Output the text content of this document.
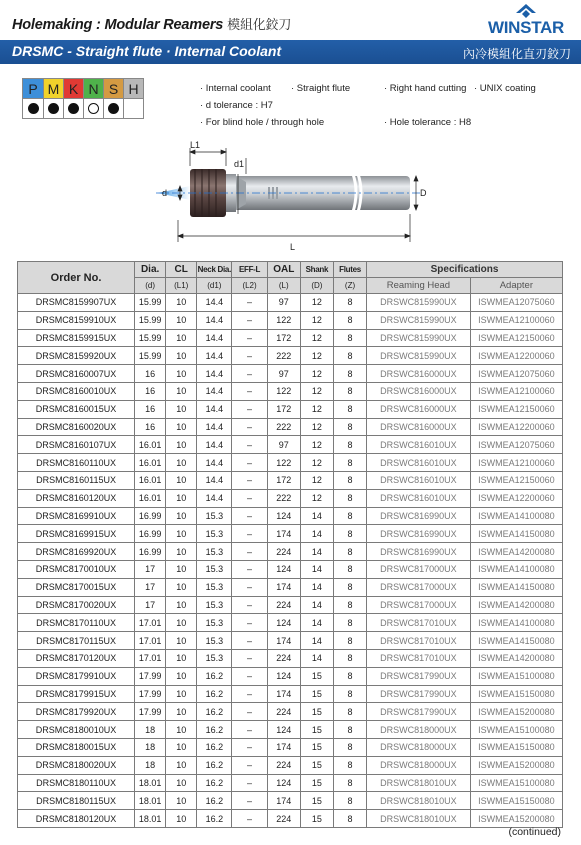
Holemaking : Modular Reamers 模組化鉸刀	WINSTAR
DRSMC - Straight flute · Internal Coolant	內冷模組化直刃鉸刀
P M K N S H	· Internal coolant · Straight flute	· Right hand cutting · UNIX coating
· d tolerance : H7
· For blind hole / through hole	· Hole tolerance : H8
L1
d1
d	D
L
Order No.	Dia.	CL	Neck Dia.	EFF-L	OAL	Shank	Flutes	Specifications	
	(d)	(L1)	(d1)	(L2)	(L)	(D)	(Z)	Reaming Head	Adapter
DRSMC8159907UX	15.99	10	14.4	–	97	12	8	DRSWC815990UX	ISWMEA12075060
DRSMC8159910UX	15.99	10	14.4	–	122	12	8	DRSWC815990UX	ISWMEA12100060
DRSMC8159915UX	15.99	10	14.4	–	172	12	8	DRSWC815990UX	ISWMEA12150060
DRSMC8159920UX	15.99	10	14.4	–	222	12	8	DRSWC815990UX	ISWMEA12200060
DRSMC8160007UX	16	10	14.4	–	97	12	8	DRSWC816000UX	ISWMEA12075060
DRSMC8160010UX	16	10	14.4	–	122	12	8	DRSWC816000UX	ISWMEA12100060
DRSMC8160015UX	16	10	14.4	–	172	12	8	DRSWC816000UX	ISWMEA12150060
DRSMC8160020UX	16	10	14.4	–	222	12	8	DRSWC816000UX	ISWMEA12200060
DRSMC8160107UX	16.01	10	14.4	–	97	12	8	DRSWC816010UX	ISWMEA12075060
DRSMC8160110UX	16.01	10	14.4	–	122	12	8	DRSWC816010UX	ISWMEA12100060
DRSMC8160115UX	16.01	10	14.4	–	172	12	8	DRSWC816010UX	ISWMEA12150060
DRSMC8160120UX	16.01	10	14.4	–	222	12	8	DRSWC816010UX	ISWMEA12200060
DRSMC8169910UX	16.99	10	15.3	–	124	14	8	DRSWC816990UX	ISWMEA14100080
DRSMC8169915UX	16.99	10	15.3	–	174	14	8	DRSWC816990UX	ISWMEA14150080
DRSMC8169920UX	16.99	10	15.3	–	224	14	8	DRSWC816990UX	ISWMEA14200080
DRSMC8170010UX	17	10	15.3	–	124	14	8	DRSWC817000UX	ISWMEA14100080
DRSMC8170015UX	17	10	15.3	–	174	14	8	DRSWC817000UX	ISWMEA14150080
DRSMC8170020UX	17	10	15.3	–	224	14	8	DRSWC817000UX	ISWMEA14200080
DRSMC8170110UX	17.01	10	15.3	–	124	14	8	DRSWC817010UX	ISWMEA14100080
DRSMC8170115UX	17.01	10	15.3	–	174	14	8	DRSWC817010UX	ISWMEA14150080
DRSMC8170120UX	17.01	10	15.3	–	224	14	8	DRSWC817010UX	ISWMEA14200080
DRSMC8179910UX	17.99	10	16.2	–	124	15	8	DRSWC817990UX	ISWMEA15100080
DRSMC8179915UX	17.99	10	16.2	–	174	15	8	DRSWC817990UX	ISWMEA15150080
DRSMC8179920UX	17.99	10	16.2	–	224	15	8	DRSWC817990UX	ISWMEA15200080
DRSMC8180010UX	18	10	16.2	–	124	15	8	DRSWC818000UX	ISWMEA15100080
DRSMC8180015UX	18	10	16.2	–	174	15	8	DRSWC818000UX	ISWMEA15150080
DRSMC8180020UX	18	10	16.2	–	224	15	8	DRSWC818000UX	ISWMEA15200080
DRSMC8180110UX	18.01	10	16.2	–	124	15	8	DRSWC818010UX	ISWMEA15100080
DRSMC8180115UX	18.01	10	16.2	–	174	15	8	DRSWC818010UX	ISWMEA15150080
DRSMC8180120UX	18.01	10	16.2	–	224	15	8	DRSWC818010UX	ISWMEA15200080
(continued)
